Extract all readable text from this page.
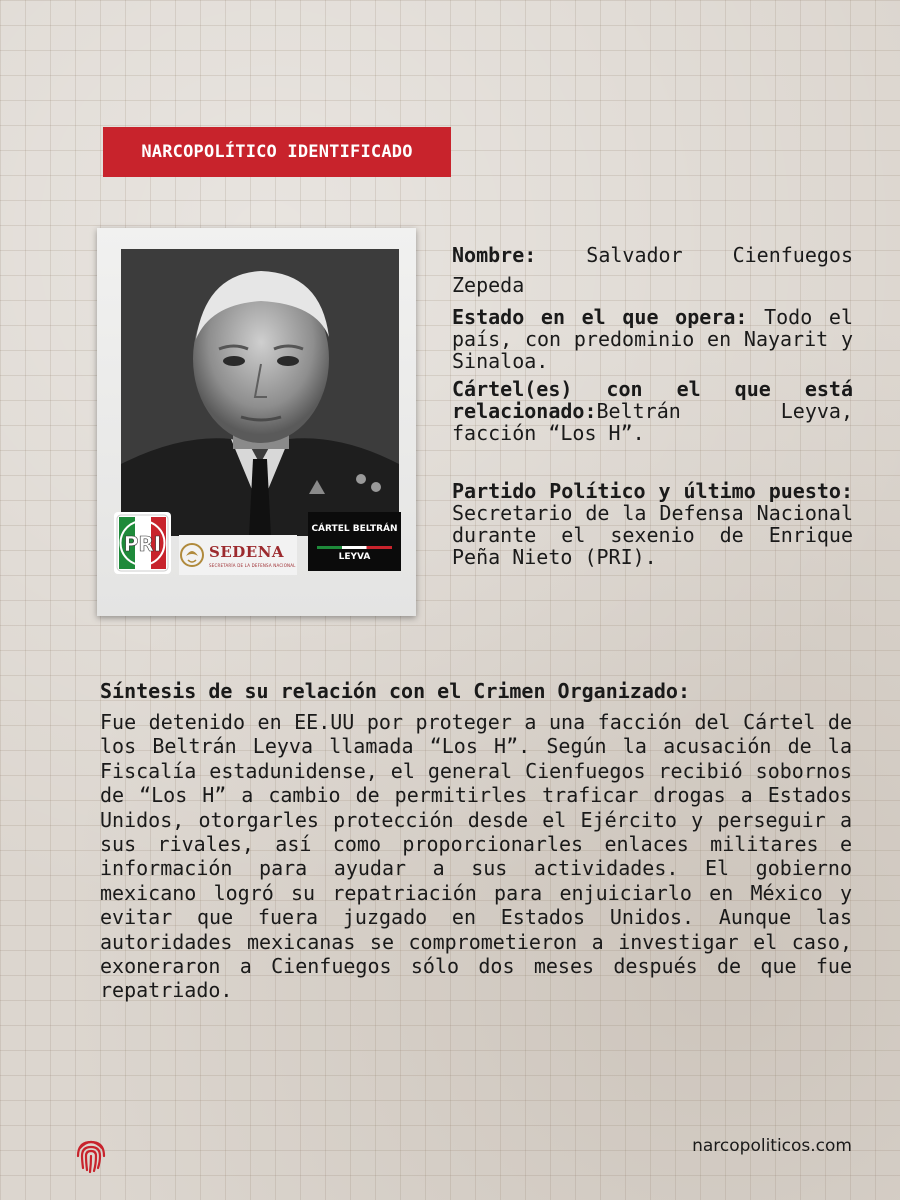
NARCOPOLÍTICO IDENTIFICADO
PRI	SEDENA
SECRETARÍA DE LA DEFENSA NACIONAL
CÁRTEL BELTRÁN
LEYVA

Nombre: Salvador Cienfuegos Zepeda

Estado en el que opera: Todo el país, con predominio en Nayarit y Sinaloa.

Cártel(es) con el que está relacionado:Beltrán Leyva, facción “Los H”.

Partido Político y último puesto: Secretario de la Defensa Nacional durante el sexenio de Enrique Peña Nieto (PRI).

Síntesis de su relación con el Crimen Organizado:
Fue detenido en EE.UU por proteger a una facción del Cártel de los Beltrán Leyva llamada “Los H”. Según la acusación de la Fiscalía estadunidense, el general Cienfuegos recibió sobornos de “Los H” a cambio de permitirles traficar drogas a Estados Unidos, otorgarles protección desde el Ejército y perseguir a sus rivales, así como proporcionarles enlaces militares e información para ayudar a sus actividades. El gobierno mexicano logró su repatriación para enjuiciarlo en México y evitar que fuera juzgado en Estados Unidos. Aunque las autoridades mexicanas se comprometieron a investigar el caso, exoneraron a Cienfuegos sólo dos meses después de que fue repatriado.
narcopoliticos.com
